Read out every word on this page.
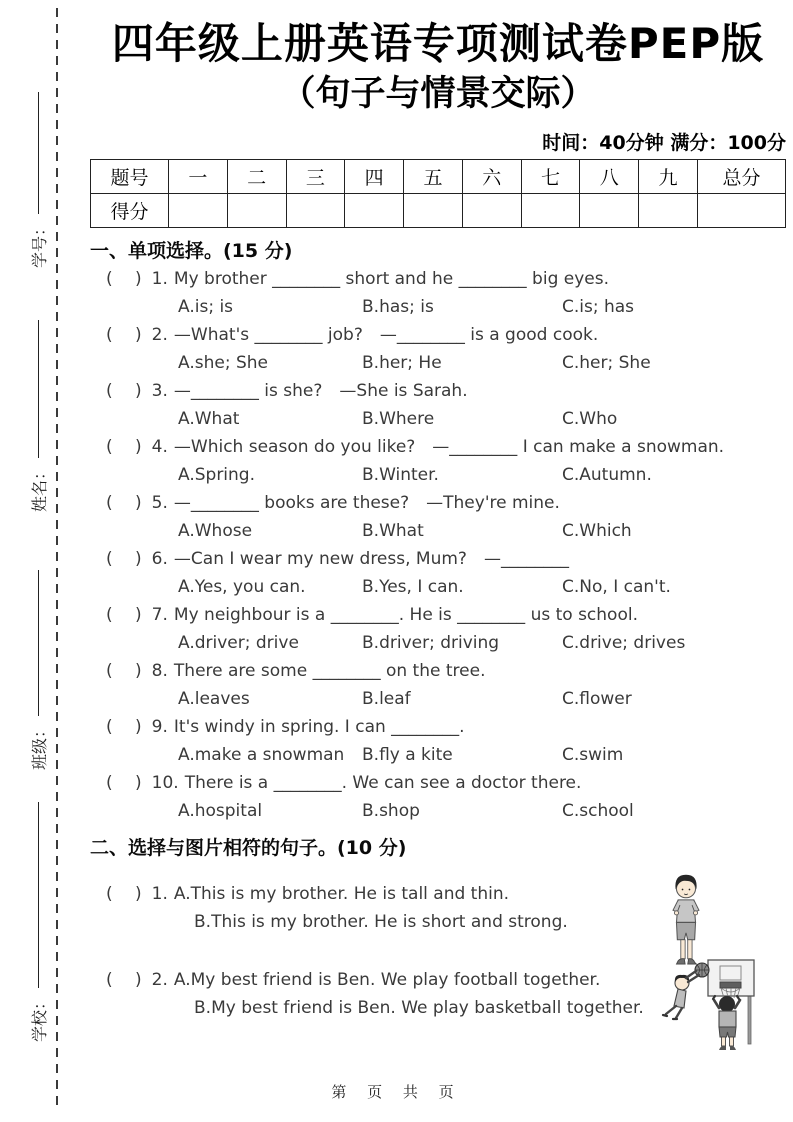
学号：
姓名：
班级：
学校：
四年级上册英语专项测试卷PEP版
（句子与情景交际）
时间：40分钟 满分：100分
题号	一	二	三	四	五	六	七	八	九	总分
得分										
一、单项选择。(15 分)
(　 ) 1. My brother ________ short and he ________ big eyes.
A.is; is	B.has; is	C.is; has
(　 ) 2. —What's ________ job?　—________ is a good cook.
A.she; She	B.her; He	C.her; She
(　 ) 3. —________ is she?　—She is Sarah.
A.What	B.Where	C.Who
(　 ) 4. —Which season do you like?　—________ I can make a snowman.
A.Spring.	B.Winter.	C.Autumn.
(　 ) 5. —________ books are these?　—They're mine.
A.Whose	B.What	C.Which
(　 ) 6. —Can I wear my new dress, Mum?　—________
A.Yes, you can.	B.Yes, I can.	C.No, I can't.
(　 ) 7. My neighbour is a ________. He is ________ us to school.
A.driver; drive	B.driver; driving	C.drive; drives
(　 ) 8. There are some ________ on the tree.
A.leaves	B.leaf	C.flower
(　 ) 9. It's windy in spring. I can ________.
A.make a snowman	B.fly a kite	C.swim
(　 ) 10. There is a ________. We can see a doctor there.
A.hospital	B.shop	C.school
二、选择与图片相符的句子。(10 分)
(　 ) 1. A.This is my brother. He is tall and thin.
B.This is my brother. He is short and strong.
(　 ) 2. A.My best friend is Ben. We play football together.
B.My best friend is Ben. We play basketball together.
第 页 共 页
